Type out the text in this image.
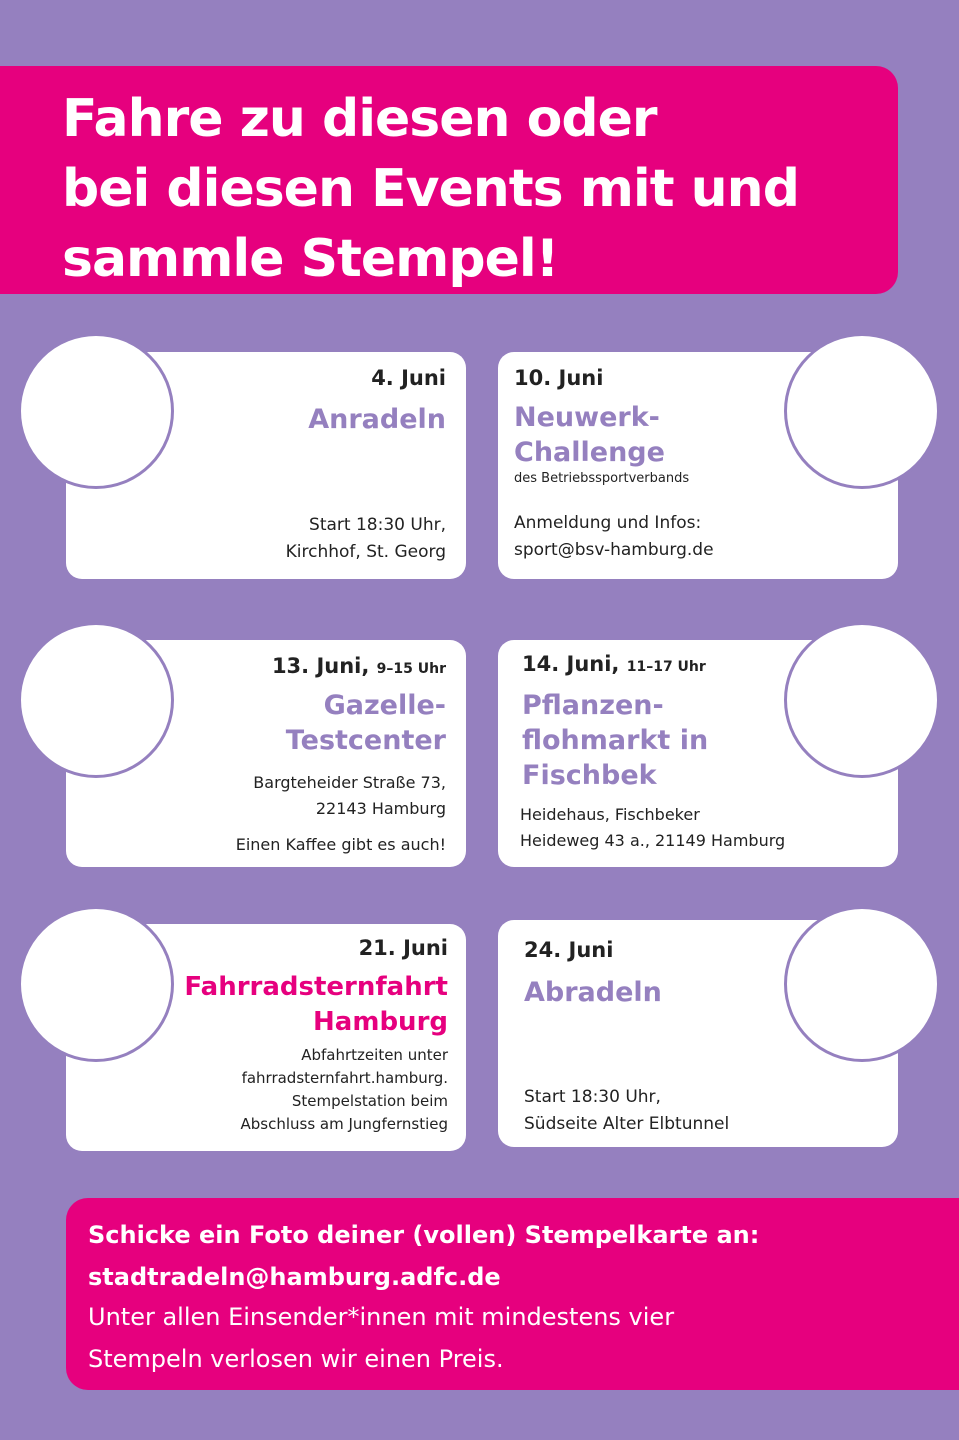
Fahre zu diesen oder
bei diesen Events mit und
sammle Stempel!
4. Juni
Anradeln
Start 18:30 Uhr,
Kirchhof, St. Georg
10. Juni
Neuwerk-
Challenge
des Betriebssportverbands
Anmeldung und Infos:
sport@bsv-hamburg.de
13. Juni, 9–15 Uhr
Gazelle-
Testcenter
Bargteheider Straße 73,
22143 Hamburg
Einen Kaffee gibt es auch!
14. Juni, 11–17 Uhr
Pflanzen-
flohmarkt in
Fischbek
Heidehaus, Fischbeker
Heideweg 43 a., 21149 Hamburg
21. Juni
Fahrradsternfahrt
Hamburg
Abfahrtzeiten unter
fahrradsternfahrt.hamburg.
Stempelstation beim
Abschluss am Jungfernstieg
24. Juni
Abradeln
Start 18:30 Uhr,
Südseite Alter Elbtunnel
Schicke ein Foto deiner (vollen) Stempelkarte an:
stadtradeln@hamburg.adfc.de
Unter allen Einsender*innen mit mindestens vier
Stempeln verlosen wir einen Preis.
